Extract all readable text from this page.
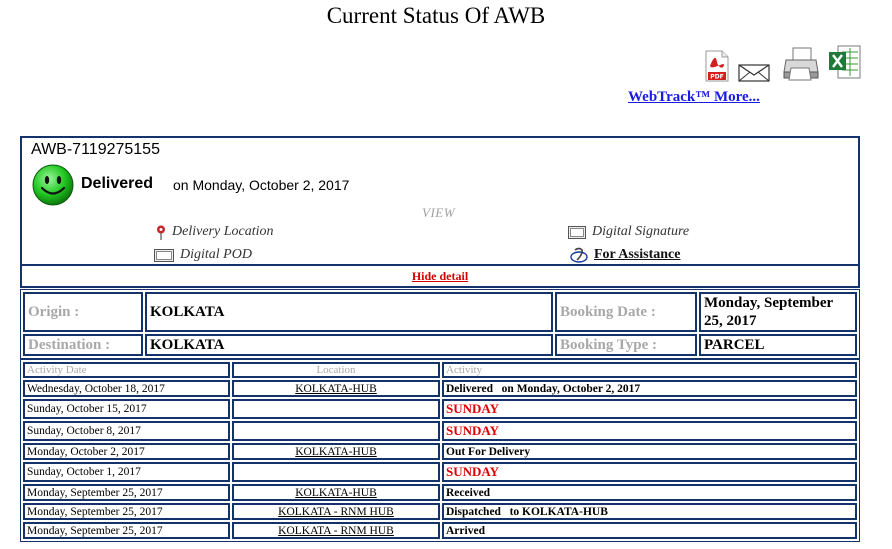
Current Status Of AWB
PDF
WebTrack™ More...
AWB-7119275155
Delivered on Monday, October 2, 2017
VIEW
Delivery Location	Digital Signature
Digital POD	For Assistance
Hide detail
Origin :	KOLKATA	Booking Date :	Monday, September 25, 2017
Destination :	KOLKATA	Booking Type :	PARCEL
Activity Date	Location	Activity
Wednesday, October 18, 2017	KOLKATA-HUB	Delivered   on Monday, October 2, 2017
Sunday, October 15, 2017		SUNDAY
Sunday, October 8, 2017		SUNDAY
Monday, October 2, 2017	KOLKATA-HUB	Out For Delivery
Sunday, October 1, 2017		SUNDAY
Monday, September 25, 2017	KOLKATA-HUB	Received
Monday, September 25, 2017	KOLKATA - RNM HUB	Dispatched   to KOLKATA-HUB
Monday, September 25, 2017	KOLKATA - RNM HUB	Arrived
